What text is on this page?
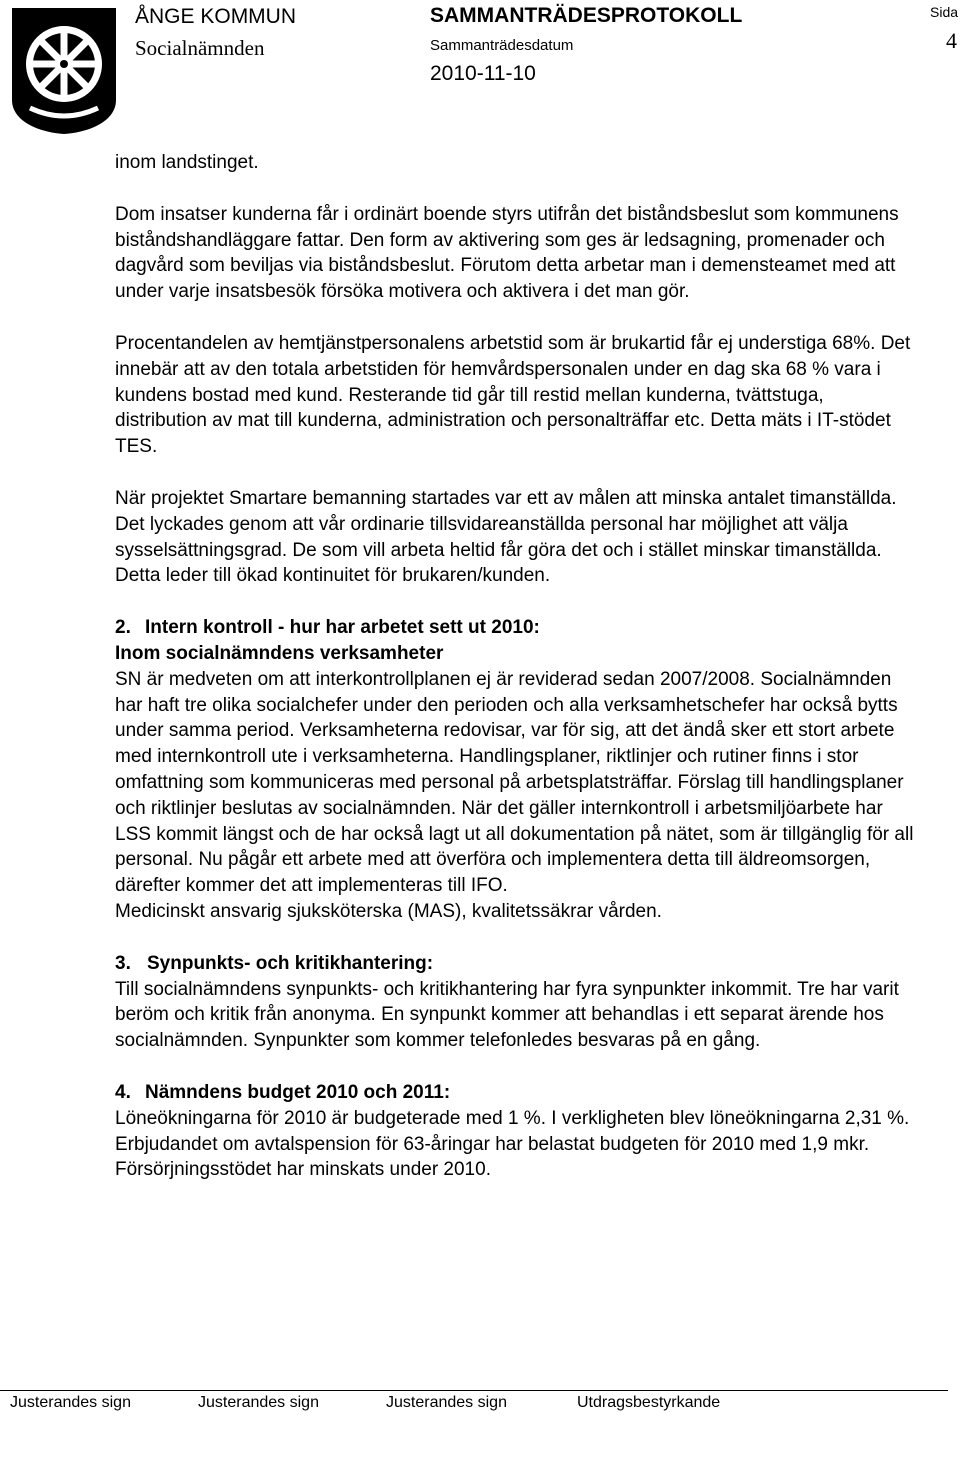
ÅNGE KOMMUN
Socialnämnden
SAMMANTRÄDESPROTOKOLL
Sammanträdesdatum
2010-11-10
Sida
4

inom landstinget.

Dom insatser kunderna får i ordinärt boende styrs utifrån det biståndsbeslut som kommunens biståndshandläggare fattar. Den form av aktivering som ges är ledsagning, promenader och dagvård som beviljas via biståndsbeslut. Förutom detta arbetar man i demensteamet med att under varje insatsbesök försöka motivera och aktivera i det man gör.

Procentandelen av hemtjänstpersonalens arbetstid som är brukartid får ej understiga 68%. Det innebär att av den totala arbetstiden för hemvårdspersonalen under en dag ska 68 % vara i kundens bostad med kund. Resterande tid går till restid mellan kunderna, tvättstuga, distribution av mat till kunderna, administration och personalträffar etc. Detta mäts i IT-stödet TES.

När projektet Smartare bemanning startades var ett av målen att minska antalet timanställda. Det lyckades genom att vår ordinarie tillsvidareanställda personal har möjlighet att välja sysselsättningsgrad. De som vill arbeta heltid får göra det och i stället minskar timanställda. Detta leder till ökad kontinuitet för brukaren/kunden.

2. Intern kontroll - hur har arbetet sett ut 2010:
Inom socialnämndens verksamheter
SN är medveten om att interkontrollplanen ej är reviderad sedan 2007/2008. Socialnämnden har haft tre olika socialchefer under den perioden och alla verksamhetschefer har också bytts under samma period. Verksamheterna redovisar, var för sig, att det ändå sker ett stort arbete med internkontroll ute i verksamheterna. Handlingsplaner, riktlinjer och rutiner finns i stor omfattning som kommuniceras med personal på arbetsplatsträffar. Förslag till handlingsplaner och riktlinjer beslutas av socialnämnden. När det gäller internkontroll i arbetsmiljöarbete har LSS kommit längst och de har också lagt ut all dokumentation på nätet, som är tillgänglig för all personal. Nu pågår ett arbete med att överföra och implementera detta till äldreomsorgen, därefter kommer det att implementeras till IFO.

Medicinskt ansvarig sjuksköterska (MAS), kvalitetssäkrar vården.

3. Synpunkts- och kritikhantering:
Till socialnämndens synpunkts- och kritikhantering har fyra synpunkter inkommit. Tre har varit beröm och kritik från anonyma. En synpunkt kommer att behandlas i ett separat ärende hos socialnämnden. Synpunkter som kommer telefonledes besvaras på en gång.

4. Nämndens budget 2010 och 2011:
Löneökningarna för 2010 är budgeterade med 1 %. I verkligheten blev löneökningarna 2,31 %. Erbjudandet om avtalspension för 63-åringar har belastat budgeten för 2010 med 1,9 mkr. Försörjningsstödet har minskats under 2010.

Justerandes sign	Justerandes sign	Justerandes sign	Utdragsbestyrkande
